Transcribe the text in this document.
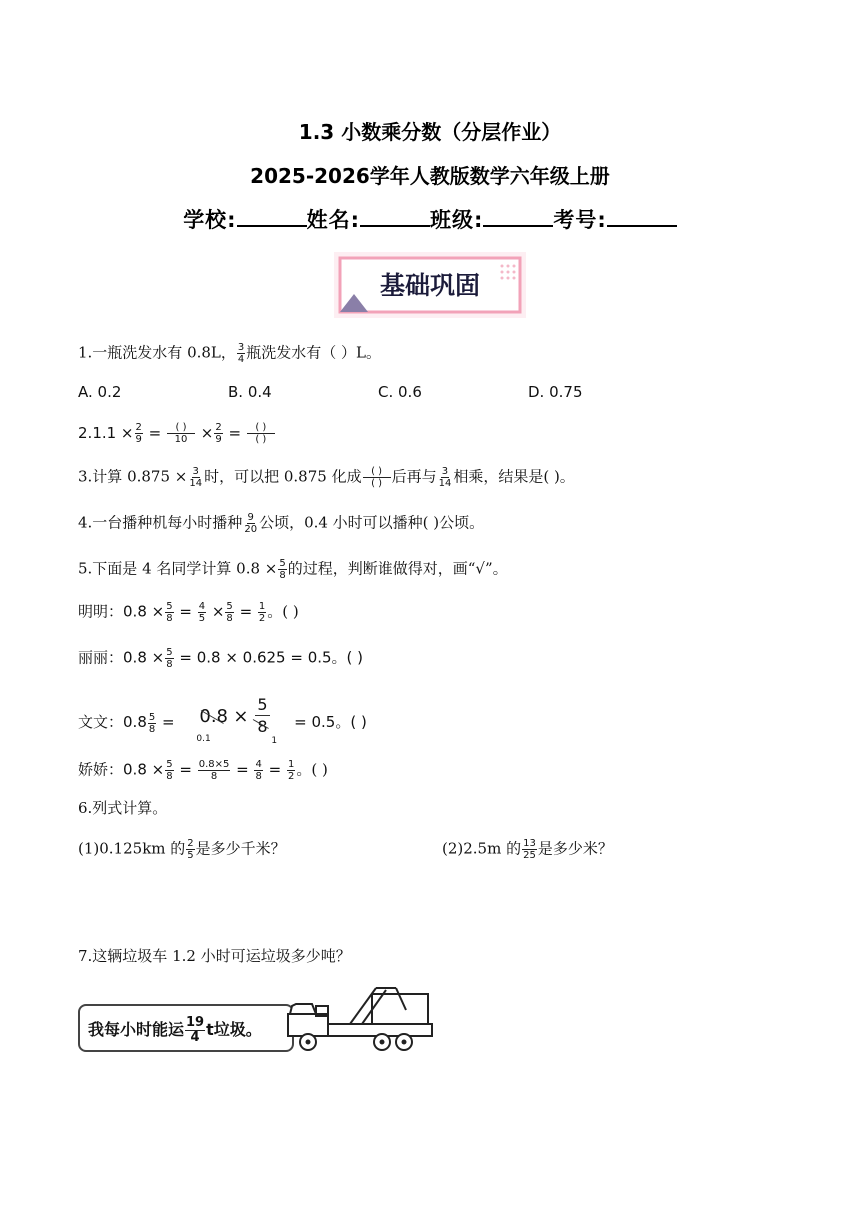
1.3 小数乘分数（分层作业）
2025-2026学年人教版数学六年级上册
学校:	姓名:	班级:	考号:
基础巩固
1.一瓶洗发水有 0.8L， $\frac{3}{4}$ 瓶洗发水有（ ）L。
A. 0.2	B. 0.4	C. 0.6	D. 0.75
$2.1.1 \times \frac{2}{9} = \frac{( )}{10} \times \frac{2}{9} = \frac{( )}{( )}$
3.计算 $0.875 \times \frac{3}{14}$ 时，可以把 0.875 化成 $\frac{( )}{( )}$ 后再与 $\frac{3}{14}$ 相乘，结果是( )。
4.一台播种机每小时播种 $\frac{9}{20}$ 公顷，0.4 小时可以播种( )公顷。
5.下面是 4 名同学计算 $0.8 \times \frac{5}{8}$ 的过程，判断谁做得对，画“√”。
明明：$0.8 \times \frac{5}{8} = \frac{4}{5} \times \frac{5}{8} = \frac{1}{2}$ 。( )
丽丽：$0.8 \times \frac{5}{8} = 0.8 \times 0.625 = 0.5$。( )
文文：$0.8 \frac{5}{8} = 0.8$
0.1
×
5
8
1
= 0.5。( )
娇娇：$0.8 \times \frac{5}{8} = \frac{0.8\times 5}{8} = \frac{4}{8} = \frac{1}{2}$ 。( )
6.列式计算。
(1)0.125km 的 $\frac{2}{5}$ 是多少千米？	(2)2.5m 的 $\frac{13}{25}$ 是多少米？
7.这辆垃圾车 1.2 小时可运垃圾多少吨？
我每小时能运 $\frac{19}{4}$ t垃圾。
